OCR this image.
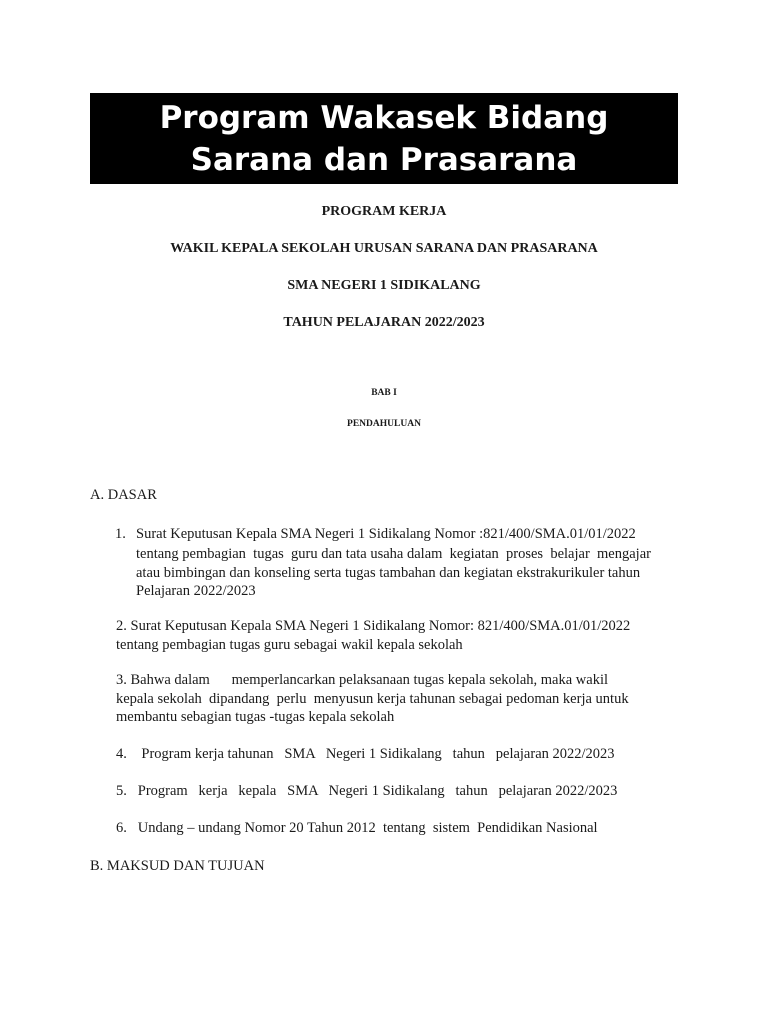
Program Wakasek Bidang
Sarana dan Prasarana
PROGRAM KERJA
WAKIL KEPALA SEKOLAH URUSAN SARANA DAN PRASARANA
SMA NEGERI 1 SIDIKALANG
TAHUN PELAJARAN 2022/2023
BAB I
PENDAHULUAN
A. DASAR
1. Surat Keputusan Kepala SMA Negeri 1 Sidikalang Nomor :821/400/SMA.01/01/2022
tentang pembagian  tugas  guru dan tata usaha dalam  kegiatan  proses  belajar  mengajar
atau bimbingan dan konseling serta tugas tambahan dan kegiatan ekstrakurikuler tahun
Pelajaran 2022/2023
2. Surat Keputusan Kepala SMA Negeri 1 Sidikalang Nomor: 821/400/SMA.01/01/2022
tentang pembagian tugas guru sebagai wakil kepala sekolah
3. Bahwa dalam      memperlancarkan pelaksanaan tugas kepala sekolah, maka wakil
kepala sekolah  dipandang  perlu  menyusun kerja tahunan sebagai pedoman kerja untuk
membantu sebagian tugas -tugas kepala sekolah
4.    Program kerja tahunan   SMA   Negeri 1 Sidikalang   tahun   pelajaran 2022/2023
5.   Program   kerja   kepala   SMA   Negeri 1 Sidikalang   tahun   pelajaran 2022/2023
6.   Undang – undang Nomor 20 Tahun 2012  tentang  sistem  Pendidikan Nasional
B. MAKSUD DAN TUJUAN
